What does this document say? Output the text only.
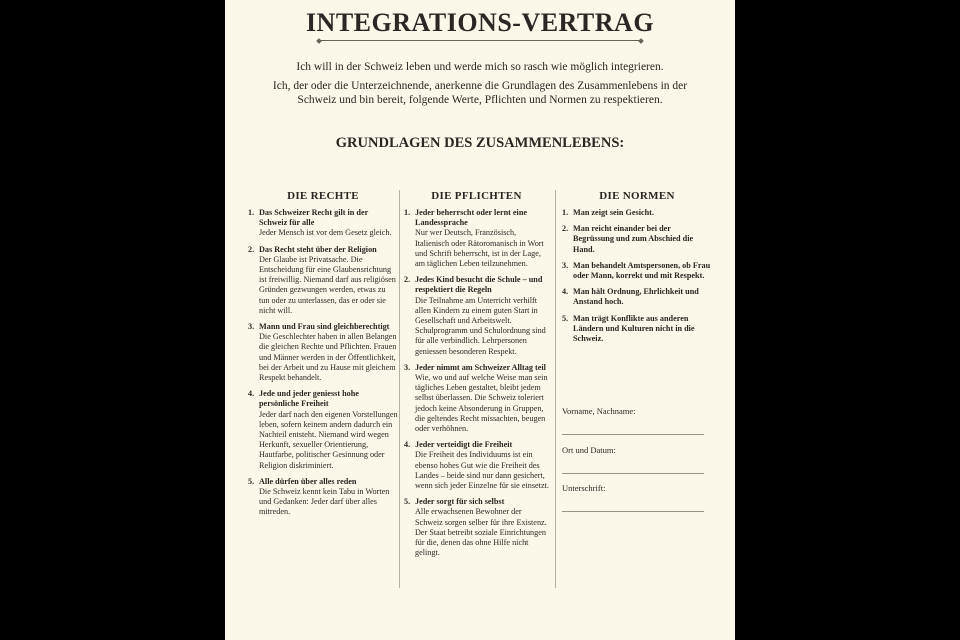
INTEGRATIONS-VERTRAG
Ich will in der Schweiz leben und werde mich so rasch wie möglich integrieren.
Ich, der oder die Unterzeichnende, anerkenne die Grundlagen des Zusammenlebens in der Schweiz und bin bereit, folgende Werte, Pflichten und Normen zu respektieren.
GRUNDLAGEN DES ZUSAMMENLEBENS:
DIE RECHTE
1. Das Schweizer Recht gilt in der Schweiz für alle
Jeder Mensch ist vor dem Gesetz gleich.
2. Das Recht steht über der Religion
Der Glaube ist Privatsache. Die Entscheidung für eine Glaubensrichtung ist freiwillig. Niemand darf aus religiösen Gründen gezwungen werden, etwas zu tun oder zu unterlassen, das er oder sie nicht will.
3. Mann und Frau sind gleichberechtigt
Die Geschlechter haben in allen Belangen die gleichen Rechte und Pflichten. Frauen und Männer werden in der Öffentlichkeit, bei der Arbeit und zu Hause mit gleichem Respekt behandelt.
4. Jede und jeder geniesst hohe persönliche Freiheit
Jeder darf nach den eigenen Vorstellungen leben, sofern keinem andern dadurch ein Nachteil entsteht. Niemand wird wegen Herkunft, sexueller Orientierung, Hautfarbe, politischer Gesinnung oder Religion diskriminiert.
5. Alle dürfen über alles reden
Die Schweiz kennt kein Tabu in Worten und Gedanken: Jeder darf über alles mitreden.
DIE PFLICHTEN
1. Jeder beherrscht oder lernt eine Landessprache
Nur wer Deutsch, Französisch, Italienisch oder Rätoromanisch in Wort und Schrift beherrscht, ist in der Lage, am täglichen Leben teilzunehmen.
2. Jedes Kind besucht die Schule – und respektiert die Regeln
Die Teilnahme am Unterricht verhilft allen Kindern zu einem guten Start in Gesellschaft und Arbeitswelt. Schulprogramm und Schulordnung sind für alle verbindlich. Lehrpersonen geniessen besonderen Respekt.
3. Jeder nimmt am Schweizer Alltag teil
Wie, wo und auf welche Weise man sein tägliches Leben gestaltet, bleibt jedem selbst überlassen. Die Schweiz toleriert jedoch keine Absonderung in Gruppen, die geltendes Recht missachten, beugen oder verhöhnen.
4. Jeder verteidigt die Freiheit
Die Freiheit des Individuums ist ein ebenso hohes Gut wie die Freiheit des Landes – beide sind nur dann gesichert, wenn sich jeder Einzelne für sie einsetzt.
5. Jeder sorgt für sich selbst
Alle erwachsenen Bewohner der Schweiz sorgen selber für ihre Existenz. Der Staat betreibt soziale Einrichtungen für die, denen das ohne Hilfe nicht gelingt.
DIE NORMEN
1. Man zeigt sein Gesicht.
2. Man reicht einander bei der Begrüssung und zum Abschied die Hand.
3. Man behandelt Amtspersonen, ob Frau oder Mann, korrekt und mit Respekt.
4. Man hält Ordnung, Ehrlichkeit und Anstand hoch.
5. Man trägt Konflikte aus anderen Ländern und Kulturen nicht in die Schweiz.
Vorname, Nachname:
Ort und Datum:
Unterschrift:
